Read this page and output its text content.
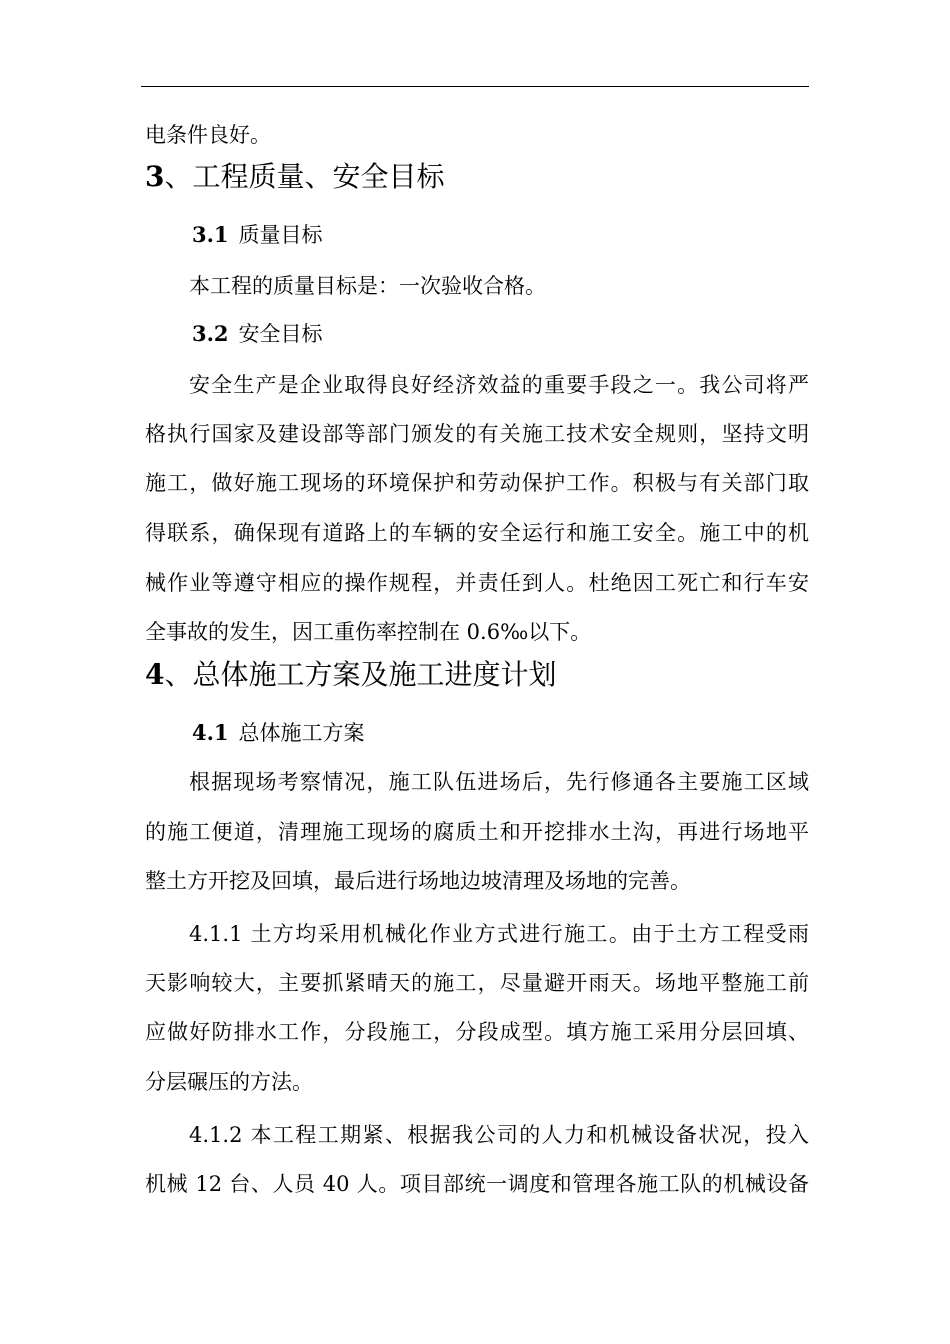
电条件良好。
3、工程质量、安全目标
3.1 质量目标
本工程的质量目标是：一次验收合格。
3.2 安全目标
安全生产是企业取得良好经济效益的重要手段之一。我公司将严
格执行国家及建设部等部门颁发的有关施工技术安全规则，坚持文明
施工，做好施工现场的环境保护和劳动保护工作。积极与有关部门取
得联系，确保现有道路上的车辆的安全运行和施工安全。施工中的机
械作业等遵守相应的操作规程，并责任到人。杜绝因工死亡和行车安
全事故的发生，因工重伤率控制在 0.6‰以下。
4、总体施工方案及施工进度计划
4.1 总体施工方案
根据现场考察情况，施工队伍进场后，先行修通各主要施工区域
的施工便道，清理施工现场的腐质土和开挖排水土沟，再进行场地平
整土方开挖及回填，最后进行场地边坡清理及场地的完善。
4.1.1 土方均采用机械化作业方式进行施工。由于土方工程受雨
天影响较大，主要抓紧晴天的施工，尽量避开雨天。场地平整施工前
应做好防排水工作，分段施工，分段成型。填方施工采用分层回填、
分层碾压的方法。
4.1.2 本工程工期紧、根据我公司的人力和机械设备状况，投入
机械 12 台、人员 40 人。项目部统一调度和管理各施工队的机械设备
